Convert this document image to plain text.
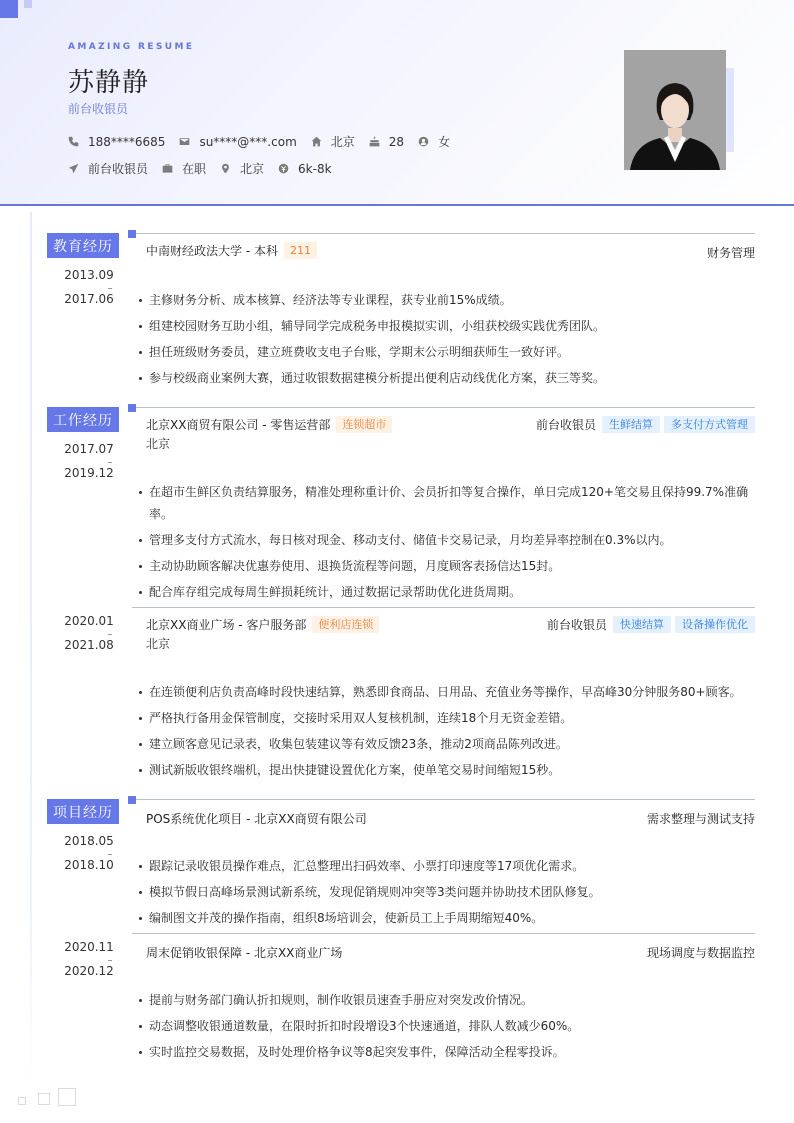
AMAZING RESUME
苏静静
前台收银员
188****6685	su****@***.com	北京	28	女
前台收银员	在职	北京	6k-8k
教育经历
2013.09
2017.06
中南财经政法大学 - 本科	211	财务管理
主修财务分析、成本核算、经济法等专业课程，获专业前15%成绩。
组建校园财务互助小组，辅导同学完成税务申报模拟实训，小组获校级实践优秀团队。
担任班级财务委员，建立班费收支电子台账，学期末公示明细获师生一致好评。
参与校级商业案例大赛，通过收银数据建模分析提出便利店动线优化方案，获三等奖。
工作经历
2017.07
2019.12
北京XX商贸有限公司 - 零售运营部	连锁超市	前台收银员	生鲜结算	多支付方式管理
北京
在超市生鲜区负责结算服务，精准处理称重计价、会员折扣等复合操作，单日完成120+笔交易且保持99.7%准确率。
管理多支付方式流水，每日核对现金、移动支付、储值卡交易记录，月均差异率控制在0.3%以内。
主动协助顾客解决优惠券使用、退换货流程等问题，月度顾客表扬信达15封。
配合库存组完成每周生鲜损耗统计，通过数据记录帮助优化进货周期。
2020.01
2021.08
北京XX商业广场 - 客户服务部	便利店连锁	前台收银员	快速结算	设备操作优化
北京
在连锁便利店负责高峰时段快速结算，熟悉即食商品、日用品、充值业务等操作，早高峰30分钟服务80+顾客。
严格执行备用金保管制度，交接时采用双人复核机制，连续18个月无资金差错。
建立顾客意见记录表，收集包装建议等有效反馈23条，推动2项商品陈列改进。
测试新版收银终端机，提出快捷键设置优化方案，使单笔交易时间缩短15秒。
项目经历
2018.05
2018.10
POS系统优化项目 - 北京XX商贸有限公司	需求整理与测试支持
跟踪记录收银员操作难点，汇总整理出扫码效率、小票打印速度等17项优化需求。
模拟节假日高峰场景测试新系统，发现促销规则冲突等3类问题并协助技术团队修复。
编制图文并茂的操作指南，组织8场培训会，使新员工上手周期缩短40%。
2020.11
2020.12
周末促销收银保障 - 北京XX商业广场	现场调度与数据监控
提前与财务部门确认折扣规则，制作收银员速查手册应对突发改价情况。
动态调整收银通道数量，在限时折扣时段增设3个快速通道，排队人数减少60%。
实时监控交易数据，及时处理价格争议等8起突发事件，保障活动全程零投诉。
